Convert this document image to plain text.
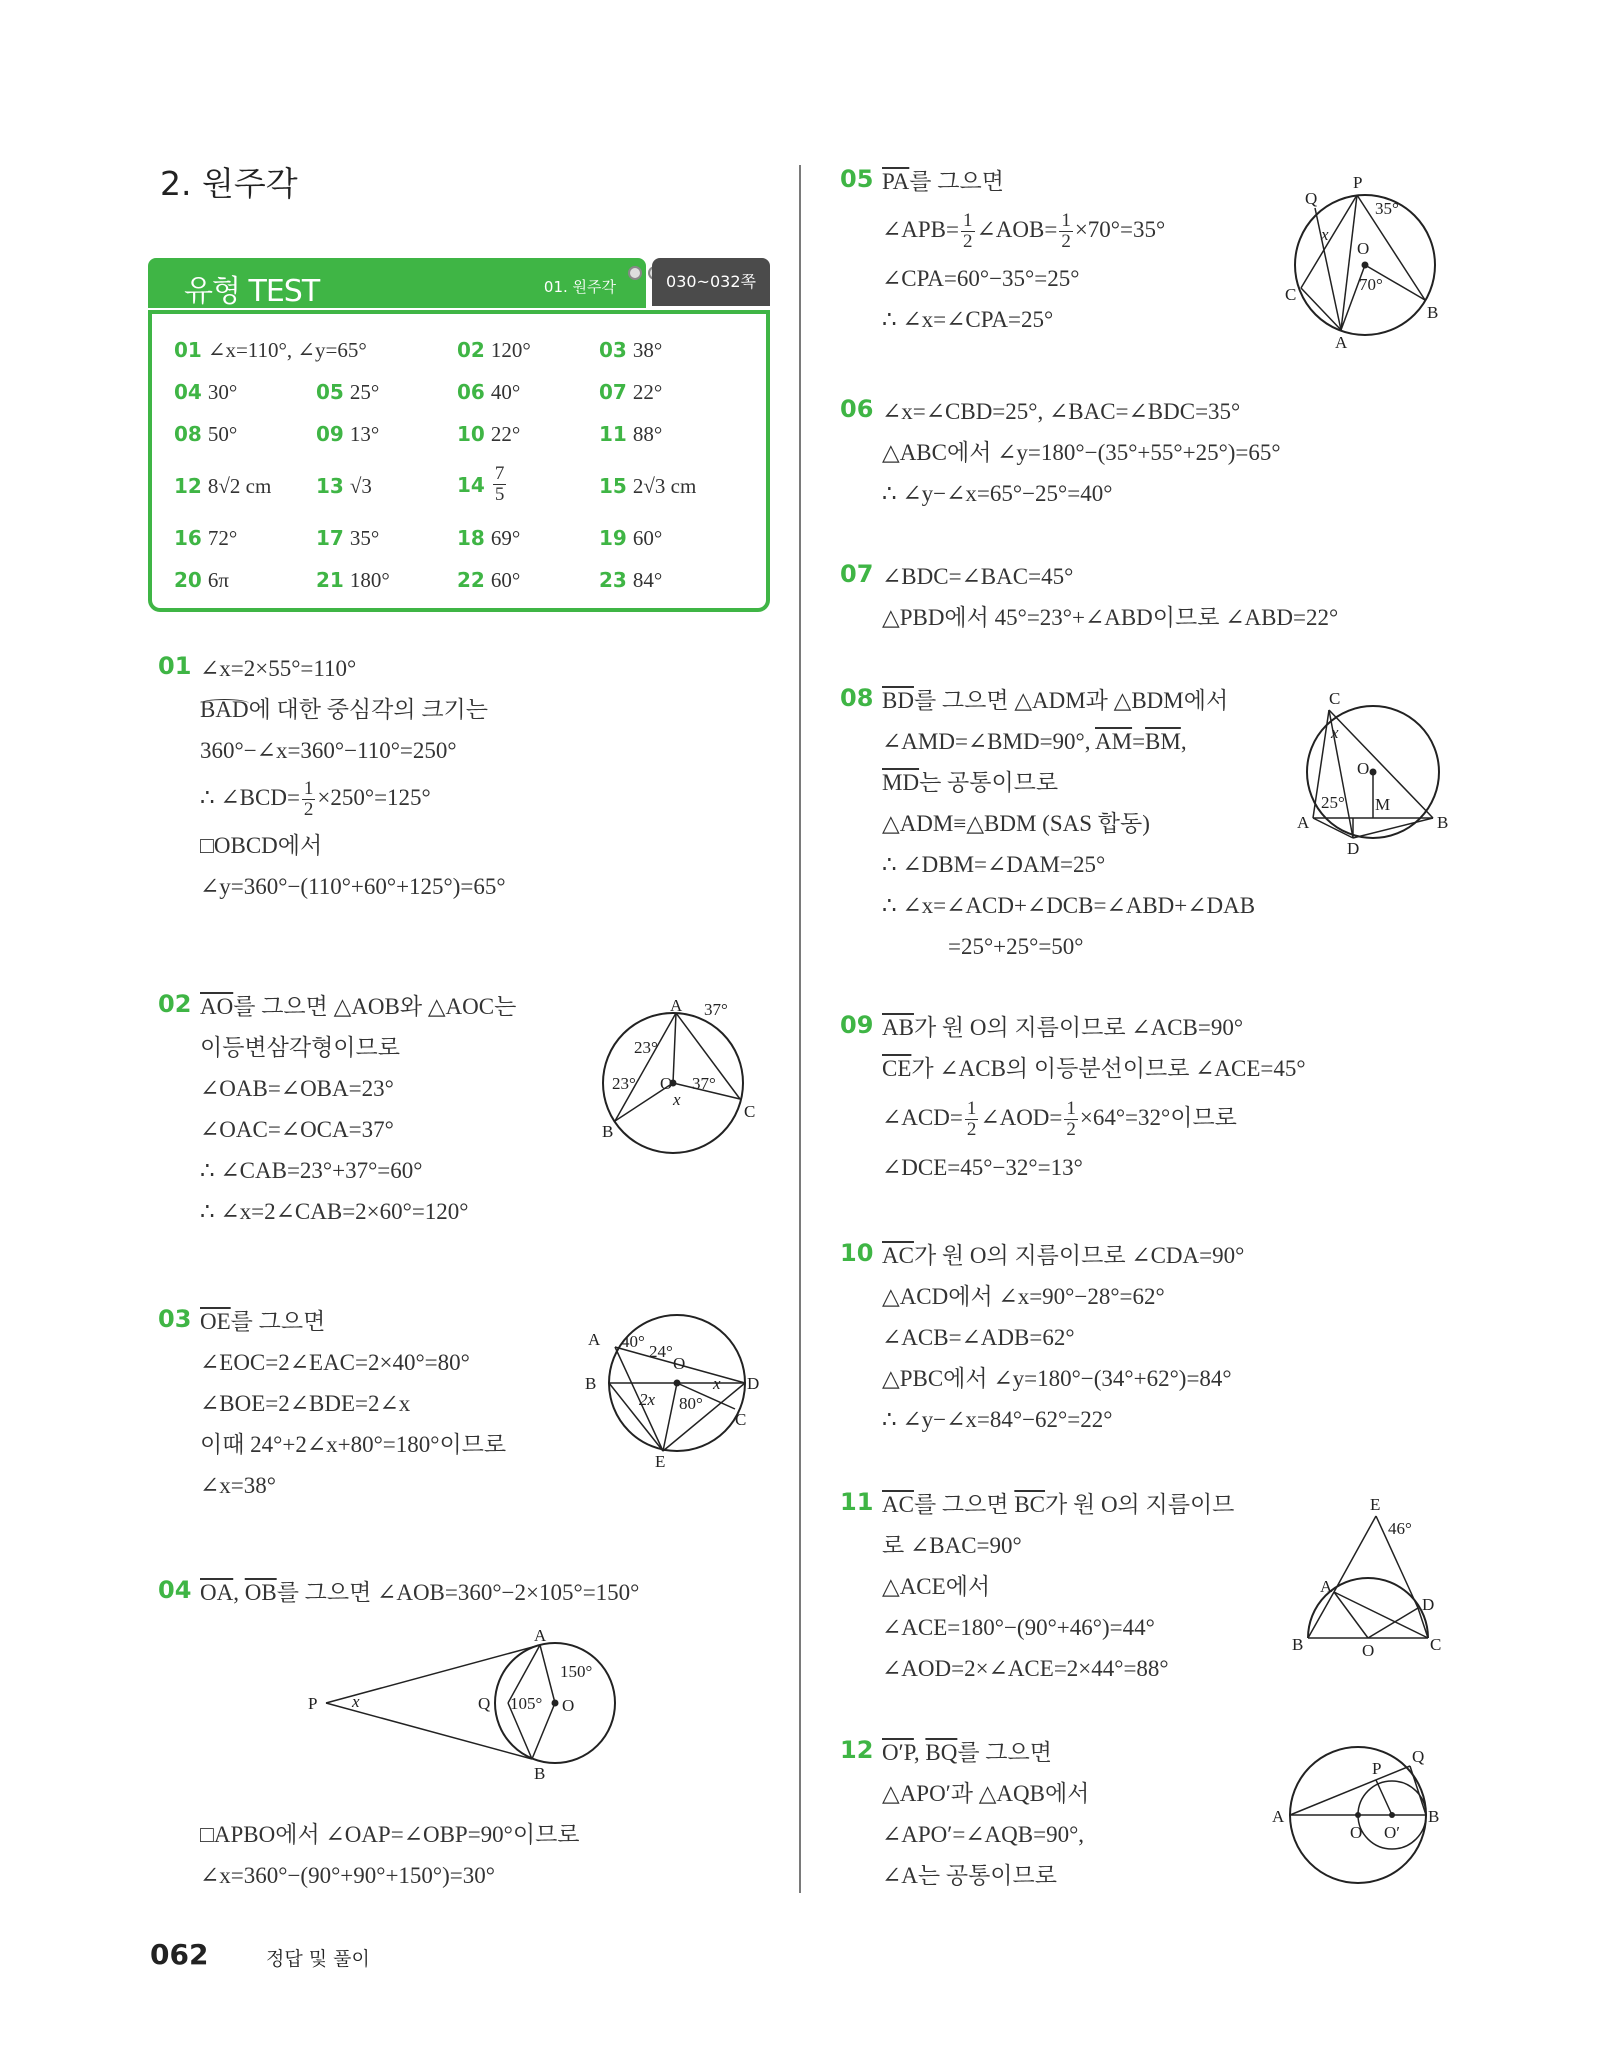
2. 원주각
유형 TEST	01. 원주각	030~032쪽
01 ∠x=110°, ∠y=65°	02 120°	03 38°
04 30°	05 25°	06 40°	07 22°
08 50°	09 13°	10 22°	11 88°
12 8√2 cm 13 √3	$14 \frac{7}{5}$	15 2√3 cm
16 72°	17 35°	18 69°	19 60°
20 6π	21 180°	22 60°	23 84°
01 ∠x=2×55°=110°
BAD
에 대한 중심각의 크기는
360°−∠x=360°−110°=250°
∴ ∠BCD= $\frac{1}{2} \times 250^\circ=125^\circ$
□OBCD에서
∠y=360°−(110°+60°+125°)=65°
02 $\overline{AO}$를 그으면 △AOB와 △AOC는
이등변삼각형이므로
∠OAB=∠OBA=23°
∠OAC=∠OCA=37°
∴ ∠CAB=23°+37°=60°
∴ ∠x=2∠CAB=2×60°=120°
A
B
C
O
37°
23°
23°	37°
x
03 $\overline{OE}$를 그으면
∠EOC=2∠EAC=2×40°=80°
∠BOE=2∠BDE=2∠x
이때 24°+2∠x+80°=180°이므로
∠x=38°
A
B
C
D
E
O
40°
24°
2x 80°
x
04 $\overline{OA}$, $\overline{OB}$를 그으면 ∠AOB=360°−2×105°=150°
P	Q
A
B
O
x
150°
105°
□APBO에서 ∠OAP=∠OBP=90°이므로
∠x=360°−(90°+90°+150°)=30°
05 $\overline{PA}$를 그으면
∠APB= $\frac{1}{2}$ ∠AOB= $\frac{1}{2} \times 70^\circ=35^\circ$
∠CPA=60°−35°=25°
∴ ∠x=∠CPA=25°
P
Q
C
A
B
O
35°
70°
x
06 ∠x=∠CBD=25°, ∠BAC=∠BDC=35°
△ABC에서 ∠y=180°−(35°+55°+25°)=65°
∴ ∠y−∠x=65°−25°=40°
07 ∠BDC=∠BAC=45°
△PBD에서 45°=23°+∠ABD이므로 ∠ABD=22°
08 $\overline{BD}$를 그으면 △ADM과 △BDM에서
∠AMD=∠BMD=90°, $\overline{AM}=\overline{BM}$,
$\overline{MD}$는 공통이므로
△ADM≡△BDM (SAS 합동)
∴ ∠DBM=∠DAM=25°
∴ ∠x=∠ACD+∠DCB=∠ABD+∠DAB
=25°+25°=50°
C
A	B
D
O
M
25°
x
09 $\overline{AB}$가 원 O의 지름이므로 ∠ACB=90°
$\overline{CE}$가 ∠ACB의 이등분선이므로 ∠ACE=45°
∠ACD= $\frac{1}{2}$ ∠AOD= $\frac{1}{2} \times 64^\circ=32^\circ$이므로
∠DCE=45°−32°=13°
10 $\overline{AC}$가 원 O의 지름이므로 ∠CDA=90°
△ACD에서 ∠x=90°−28°=62°
∠ACB=∠ADB=62°
△PBC에서 ∠y=180°−(34°+62°)=84°
∴ ∠y−∠x=84°−62°=22°
11 $\overline{AC}$를 그으면 $\overline{BC}$가 원 O의 지름이므
로 ∠BAC=90°
△ACE에서
∠ACE=180°−(90°+46°)=44°
∠AOD=2×∠ACE=2×44°=88°
E
A
B	C
D
O
46°
12 O′P, $\overline{BQ}$를 그으면
△APO′과 △AQB에서
∠APO′=∠AQB=90°,
∠A는 공통이므로
A	B
O O′
P
Q
062	정답 및 풀이
